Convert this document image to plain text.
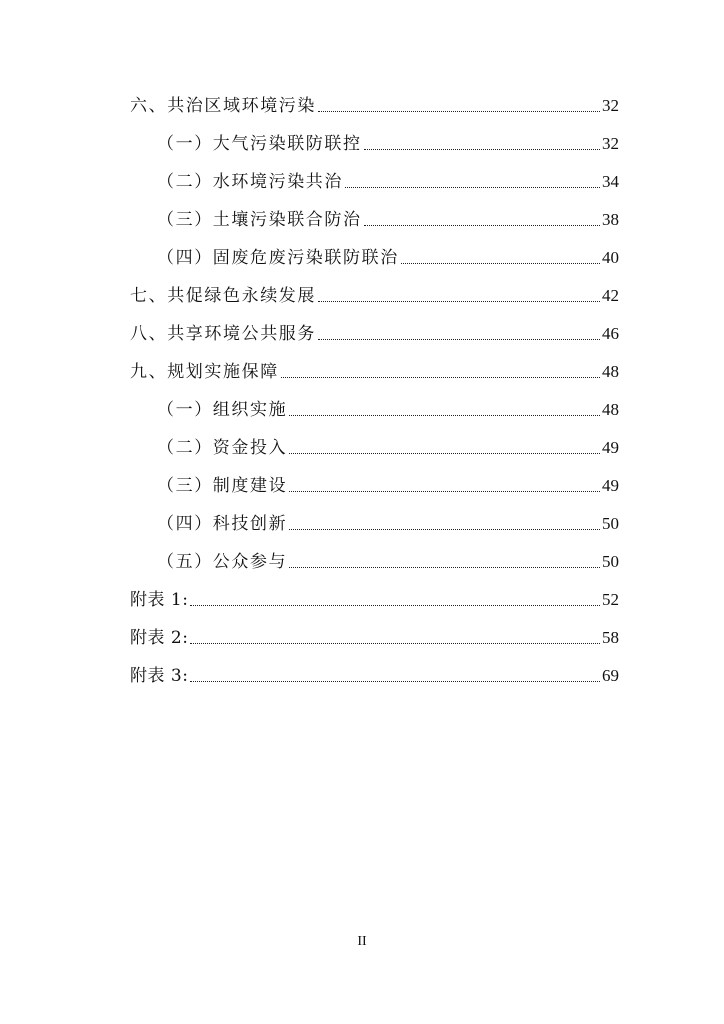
六、共治区域环境污染	32
（一）大气污染联防联控	32
（二）水环境污染共治	34
（三）土壤污染联合防治	38
（四）固废危废污染联防联治	40
七、共促绿色永续发展	42
八、共享环境公共服务	46
九、规划实施保障	48
（一）组织实施	48
（二）资金投入	49
（三）制度建设	49
（四）科技创新	50
（五）公众参与	50
附表 1:	52
附表 2:	58
附表 3:	69
II
